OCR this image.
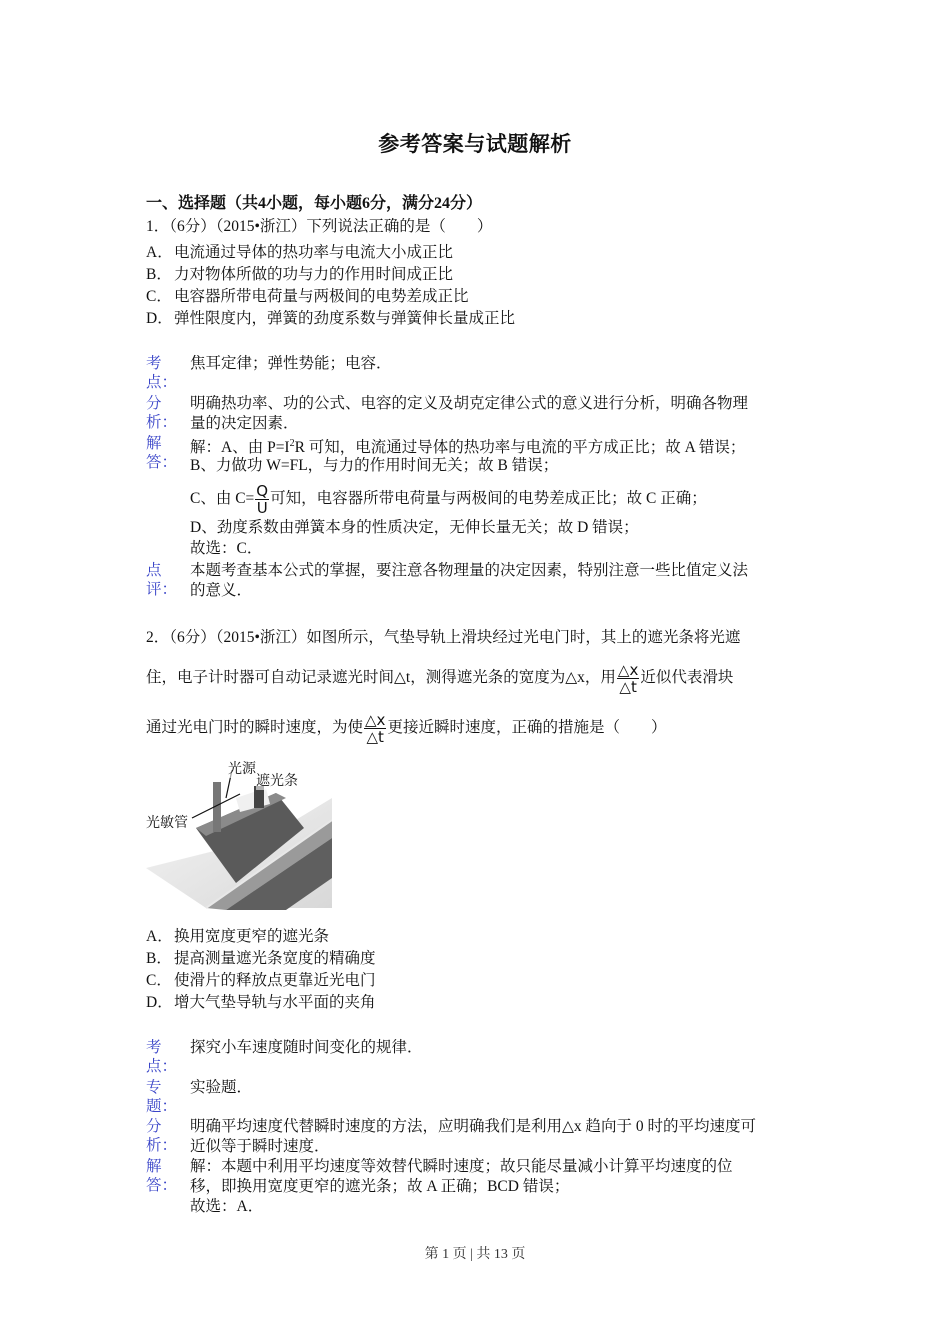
参考答案与试题解析
一、选择题（共4小题，每小题6分，满分24分）
1．（6分）（2015•浙江）下列说法正确的是（　　）
A．电流通过导体的热功率与电流大小成正比
B． 力对物体所做的功与力的作用时间成正比
C． 电容器所带电荷量与两极间的电势差成正比
D．弹性限度内，弹簧的劲度系数与弹簧伸长量成正比
考
点：
焦耳定律；弹性势能；电容．
分
析：
明确热功率、功的公式、电容的定义及胡克定律公式的意义进行分析，明确各物理
量的决定因素．
解
答：
解：A、由 $P=I^2R$ 可知，电流通过导体的热功率与电流的平方成正比；故 A 错误；
B、力做功 W=FL，与力的作用时间无关；故 B 错误；
C、由 $C= \frac{Q}{U}$ 可知，电容器所带电荷量与两极间的电势差成正比；故 C 正确；
D、劲度系数由弹簧本身的性质决定，无伸长量无关；故 D 错误；
故选：C．
点
评：
本题考查基本公式的掌握，要注意各物理量的决定因素，特别注意一些比值定义法
的意义．
2．（6分）（2015•浙江）如图所示，气垫导轨上滑块经过光电门时，其上的遮光条将光遮
住，电子计时器可自动记录遮光时间△t，测得遮光条的宽度为△x，用 $\frac{\triangle x}{\triangle t}$ 近似代表滑块
通过光电门时的瞬时速度，为使 $\frac{\triangle x}{\triangle t}$ 更接近瞬时速度，正确的措施是（　　）
光源
遮光条
光敏管
A．换用宽度更窄的遮光条
B． 提高测量遮光条宽度的精确度
C． 使滑片的释放点更靠近光电门
D．增大气垫导轨与水平面的夹角
考
点：
探究小车速度随时间变化的规律．
专
题：
实验题．
分
析：
明确平均速度代替瞬时速度的方法，应明确我们是利用△x 趋向于 0 时的平均速度可
近似等于瞬时速度．
解
答：
解：本题中利用平均速度等效替代瞬时速度；故只能尽量减小计算平均速度的位
移，即换用宽度更窄的遮光条；故 A 正确；BCD 错误；
故选：A．
第 1 页 | 共 13 页
